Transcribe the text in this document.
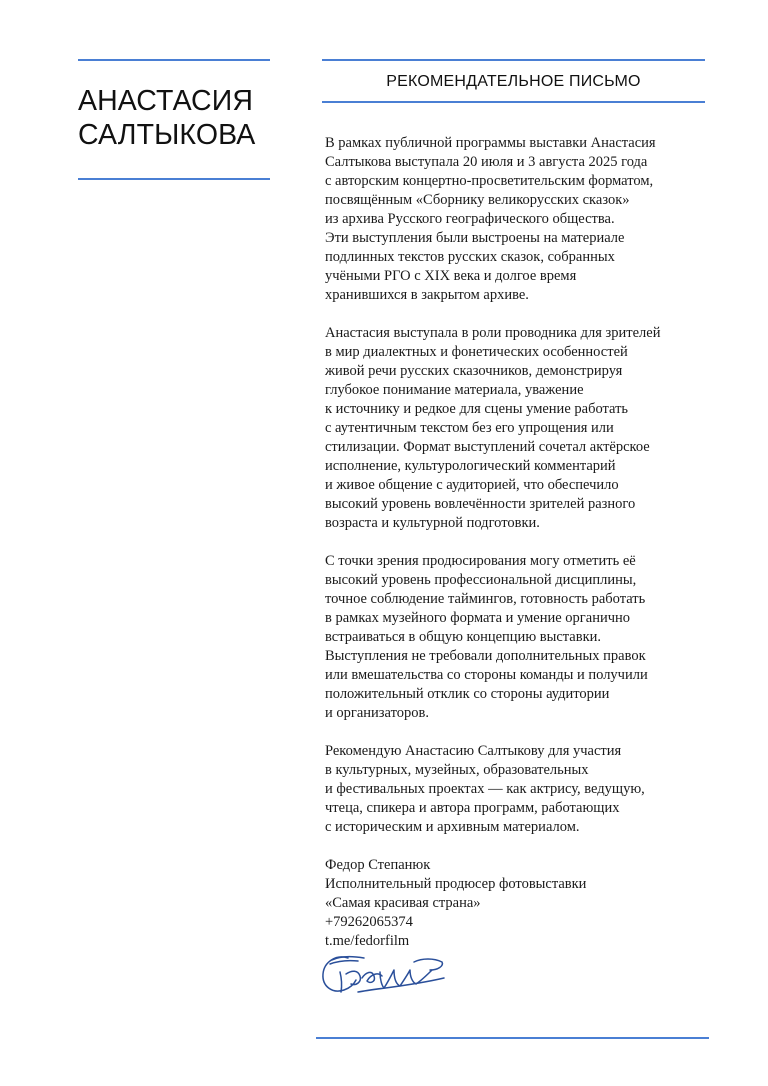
АНАСТАСИЯ
САЛТЫКОВА
РЕКОМЕНДАТЕЛЬНОЕ ПИСЬМО

В рамках публичной программы выставки Анастасия
Салтыкова выступала 20 июля и 3 августа 2025 года
с авторским концертно-просветительским форматом,
посвящённым «Сборнику великорусских сказок»
из архива Русского географического общества.
Эти выступления были выстроены на материале
подлинных текстов русских сказок, собранных
учёными РГО с XIX века и долгое время
хранившихся в закрытом архиве.

Анастасия выступала в роли проводника для зрителей
в мир диалектных и фонетических особенностей
живой речи русских сказочников, демонстрируя
глубокое понимание материала, уважение
к источнику и редкое для сцены умение работать
с аутентичным текстом без его упрощения или
стилизации. Формат выступлений сочетал актёрское
исполнение, культурологический комментарий
и живое общение с аудиторией, что обеспечило
высокий уровень вовлечённости зрителей разного
возраста и культурной подготовки.

С точки зрения продюсирования могу отметить её
высокий уровень профессиональной дисциплины,
точное соблюдение таймингов, готовность работать
в рамках музейного формата и умение органично
встраиваться в общую концепцию выставки.
Выступления не требовали дополнительных правок
или вмешательства со стороны команды и получили
положительный отклик со стороны аудитории
и организаторов.

Рекомендую Анастасию Салтыкову для участия
в культурных, музейных, образовательных
и фестивальных проектах — как актрису, ведущую,
чтеца, спикера и автора программ, работающих
с историческим и архивным материалом.

Федор Степанюк
Исполнительный продюсер фотовыставки
«Самая красивая страна»
+79262065374
t.me/fedorfilm
